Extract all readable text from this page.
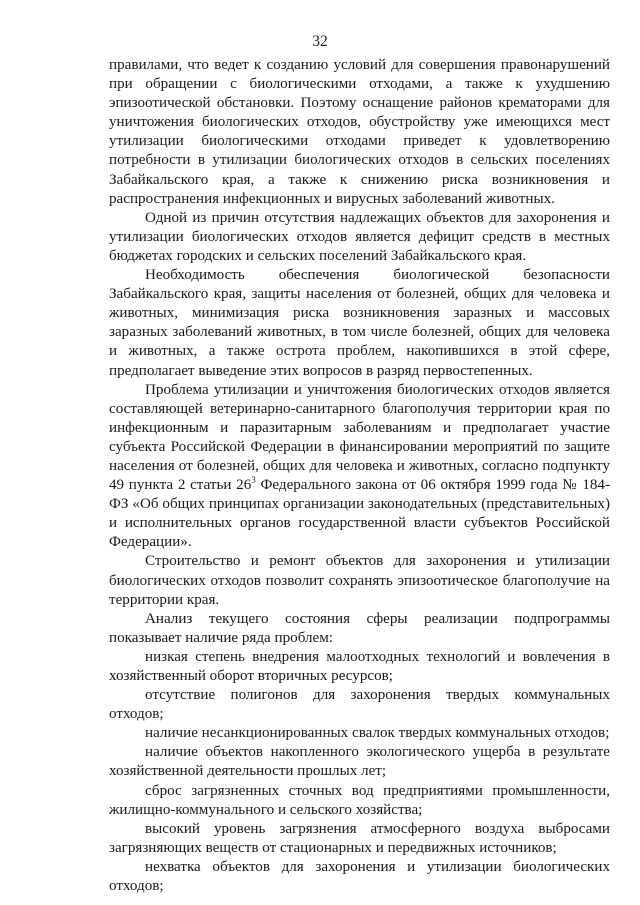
32

правилами, что ведет к созданию условий для совершения правонарушений при обращении с биологическими отходами, а также к ухудшению эпизоотической обстановки. Поэтому оснащение районов крематорами для уничтожения биологических отходов, обустройству уже имеющихся мест утилизации биологическими отходами приведет к удовлетворению потребности в утилизации биологических отходов в сельских поселениях Забайкальского края, а также к снижению риска возникновения и распространения инфекционных и вирусных заболеваний животных.

Одной из причин отсутствия надлежащих объектов для захоронения и утилизации биологических отходов является дефицит средств в местных бюджетах городских и сельских поселений Забайкальского края.

Необходимость обеспечения биологической безопасности Забайкальского края, защиты населения от болезней, общих для человека и животных, минимизация риска возникновения заразных и массовых заразных заболеваний животных, в том числе болезней, общих для человека и животных, а также острота проблем, накопившихся в этой сфере, предполагает выведение этих вопросов в разряд первостепенных.

Проблема утилизации и уничтожения биологических отходов является составляющей ветеринарно-санитарного благополучия территории края по инфекционным и паразитарным заболеваниям и предполагает участие субъекта Российской Федерации в финансировании мероприятий по защите населения от болезней, общих для человека и животных, согласно подпункту 49 пункта 2 статьи $26^3$ Федерального закона от 06 октября 1999 года № 184-ФЗ «Об общих принципах организации законодательных (представительных) и исполнительных органов государственной власти субъектов Российской Федерации».

Строительство и ремонт объектов для захоронения и утилизации биологических отходов позволит сохранять эпизоотическое благополучие на территории края.

Анализ текущего состояния сферы реализации подпрограммы показывает наличие ряда проблем:

низкая степень внедрения малоотходных технологий и вовлечения в хозяйственный оборот вторичных ресурсов;

отсутствие полигонов для захоронения твердых коммунальных отходов;

наличие несанкционированных свалок твердых коммунальных отходов;

наличие объектов накопленного экологического ущерба в результате хозяйственной деятельности прошлых лет;

сброс загрязненных сточных вод предприятиями промышленности, жилищно-коммунального и сельского хозяйства;

высокий уровень загрязнения атмосферного воздуха выбросами загрязняющих веществ от стационарных и передвижных источников;

нехватка объектов для захоронения и утилизации биологических отходов;
